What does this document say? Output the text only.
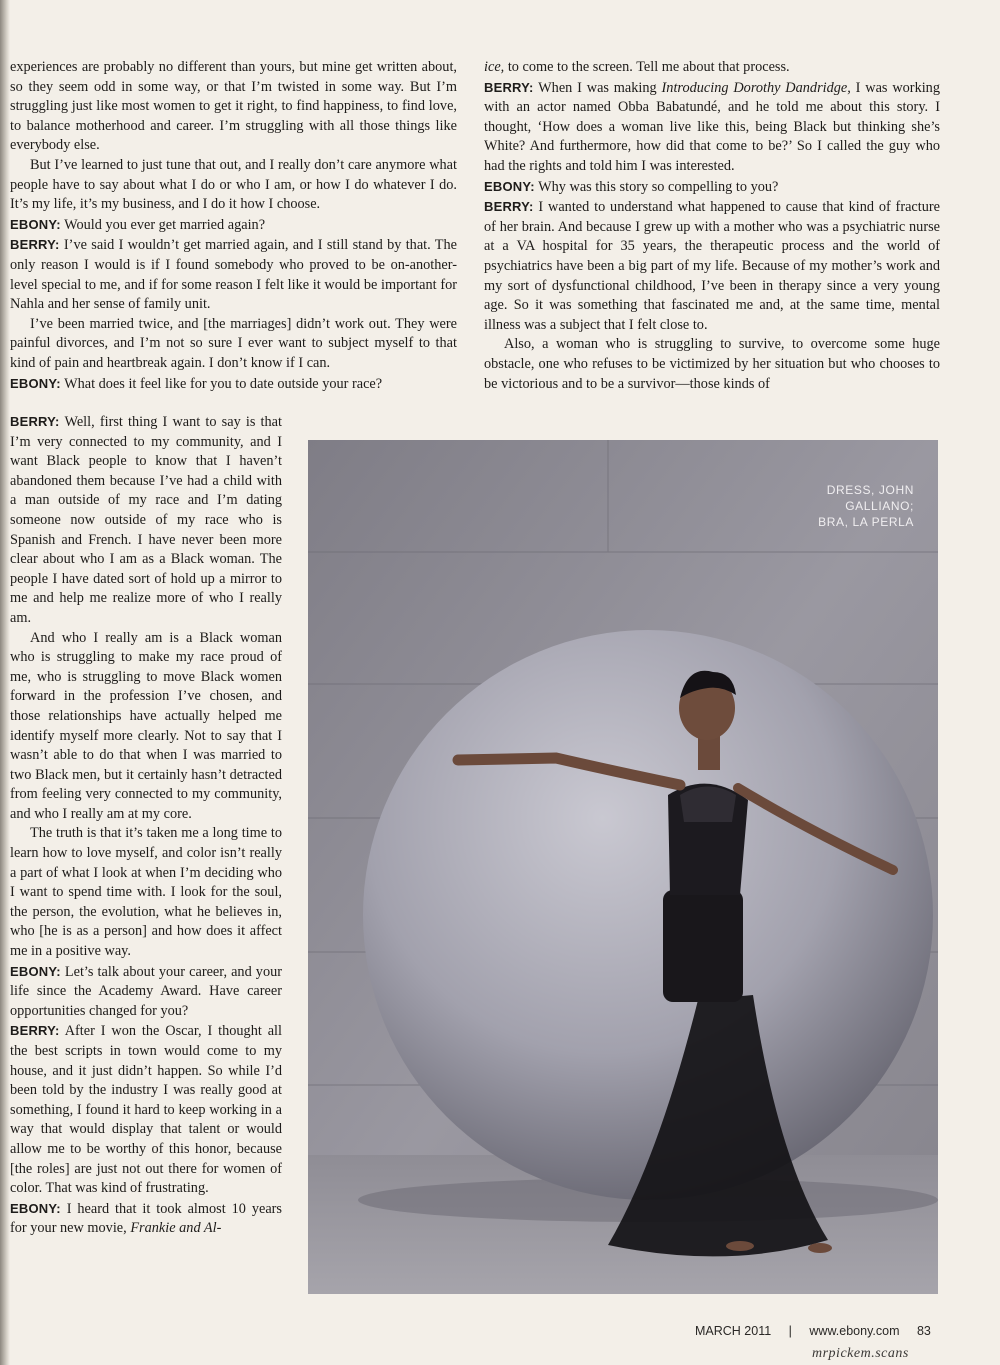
experiences are probably no different than yours, but mine get written about, so they seem odd in some way, or that I’m twisted in some way. But I’m struggling just like most women to get it right, to find happiness, to find love, to balance motherhood and career. I’m struggling with all those things like everybody else.

But I’ve learned to just tune that out, and I really don’t care anymore what people have to say about what I do or who I am, or how I do whatever I do. It’s my life, it’s my business, and I do it how I choose.

EBONY: Would you ever get married again?

BERRY: I’ve said I wouldn’t get married again, and I still stand by that. The only reason I would is if I found somebody who proved to be on-another-level special to me, and if for some reason I felt like it would be important for Nahla and her sense of family unit.

I’ve been married twice, and [the marriages] didn’t work out. They were painful divorces, and I’m not so sure I ever want to subject myself to that kind of pain and heartbreak again. I don’t know if I can.

EBONY: What does it feel like for you to date outside your race?

BERRY: Well, first thing I want to say is that I’m very connected to my community, and I want Black people to know that I haven’t abandoned them because I’ve had a child with a man outside of my race and I’m dating someone now outside of my race who is Spanish and French. I have never been more clear about who I am as a Black woman. The people I have dated sort of hold up a mirror to me and help me realize more of who I really am.

And who I really am is a Black woman who is struggling to make my race proud of me, who is struggling to move Black women forward in the profession I’ve chosen, and those relationships have actually helped me identify myself more clearly. Not to say that I wasn’t able to do that when I was married to two Black men, but it certainly hasn’t detracted from feeling very connected to my community, and who I really am at my core.

The truth is that it’s taken me a long time to learn how to love myself, and color isn’t really a part of what I look at when I’m deciding who I want to spend time with. I look for the soul, the person, the evolution, what he believes in, who [he is as a person] and how does it affect me in a positive way.

EBONY: Let’s talk about your career, and your life since the Academy Award. Have career opportunities changed for you?

BERRY: After I won the Oscar, I thought all the best scripts in town would come to my house, and it just didn’t happen. So while I’d been told by the industry I was really good at something, I found it hard to keep working in a way that would display that talent or would allow me to be worthy of this honor, because [the roles] are just not out there for women of color. That was kind of frustrating.

EBONY: I heard that it took almost 10 years for your new movie, Frankie and Al-

ice, to come to the screen. Tell me about that process.

BERRY: When I was making Introducing Dorothy Dandridge, I was working with an actor named Obba Babatundé, and he told me about this story. I thought, ‘How does a woman live like this, being Black but thinking she’s White? And furthermore, how did that come to be?’ So I called the guy who had the rights and told him I was interested.

EBONY: Why was this story so compelling to you?

BERRY: I wanted to understand what happened to cause that kind of fracture of her brain. And because I grew up with a mother who was a psychiatric nurse at a VA hospital for 35 years, the therapeutic process and the world of psychiatrics have been a big part of my life. Because of my mother’s work and my sort of dysfunctional childhood, I’ve been in therapy since a very young age. So it was something that fascinated me and, at the same time, mental illness was a subject that I felt close to.

Also, a woman who is struggling to survive, to overcome some huge obstacle, one who refuses to be victimized by her situation but who chooses to be victorious and to be a survivor—those kinds of

DRESS, JOHN
GALLIANO;
BRA, LA PERLA
MARCH 2011 | www.ebony.com 83
mrpickem.scans
